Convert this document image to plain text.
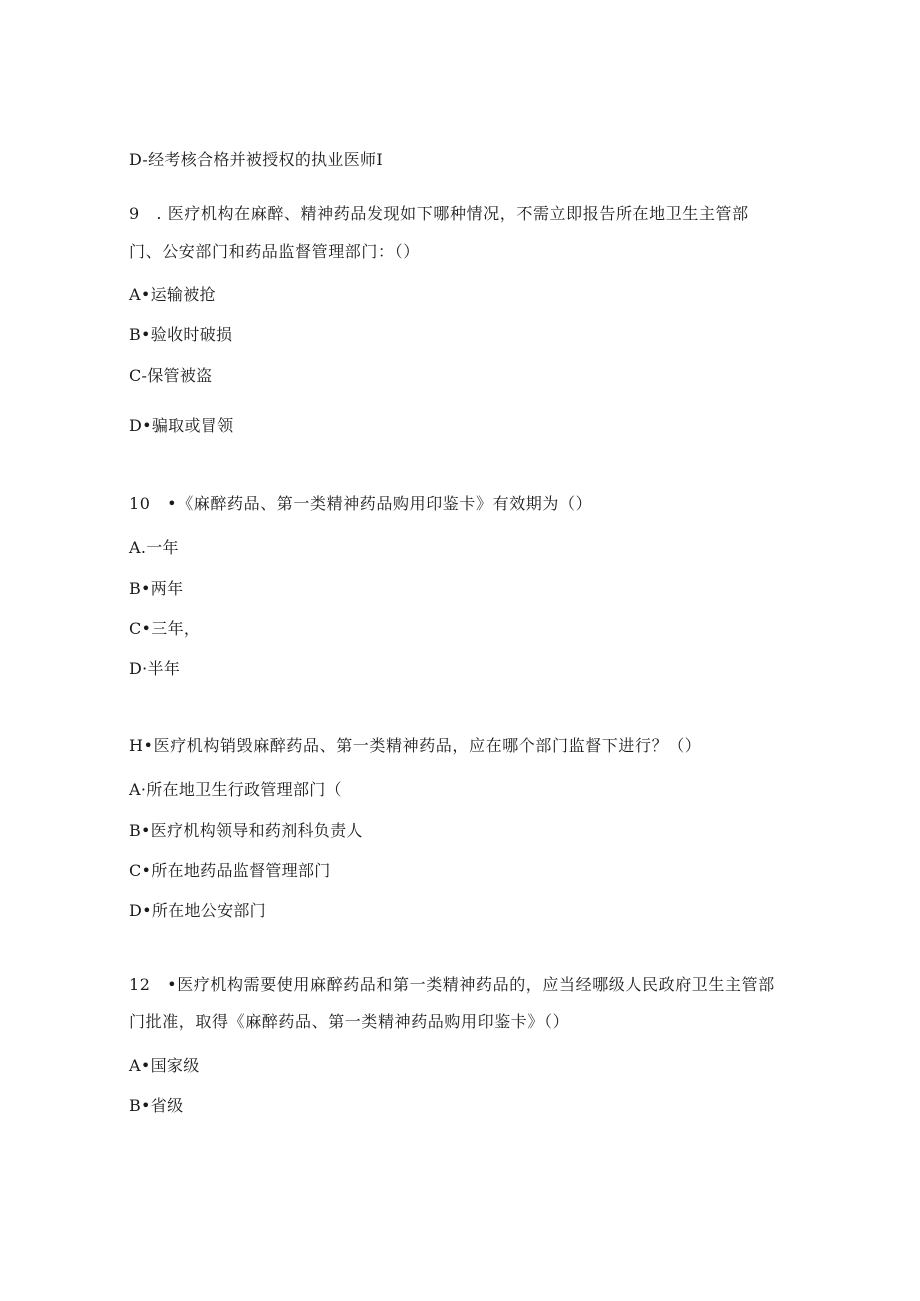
D-经考核合格并被授权的执业医师I
9　. 医疗机构在麻醉、精神药品发现如下哪种情况，不需立即报告所在地卫生主管部
门、公安部门和药品监督管理部门：（）
A•运输被抢
B•验收时破损
C-保管被盗
D•骗取或冒领
10　•《麻醉药品、第一类精神药品购用印鉴卡》有效期为（）
A.一年
B•两年
C•三年，
D·半年
H•医疗机构销毁麻醉药品、第一类精神药品，应在哪个部门监督下进行？（）
A·所在地卫生行政管理部门（
B•医疗机构领导和药剂科负责人
C•所在地药品监督管理部门
D•所在地公安部门
12　•医疗机构需要使用麻醉药品和第一类精神药品的，应当经哪级人民政府卫生主管部
门批准，取得《麻醉药品、第一类精神药品购用印鉴卡》（）
A•国家级
B•省级
